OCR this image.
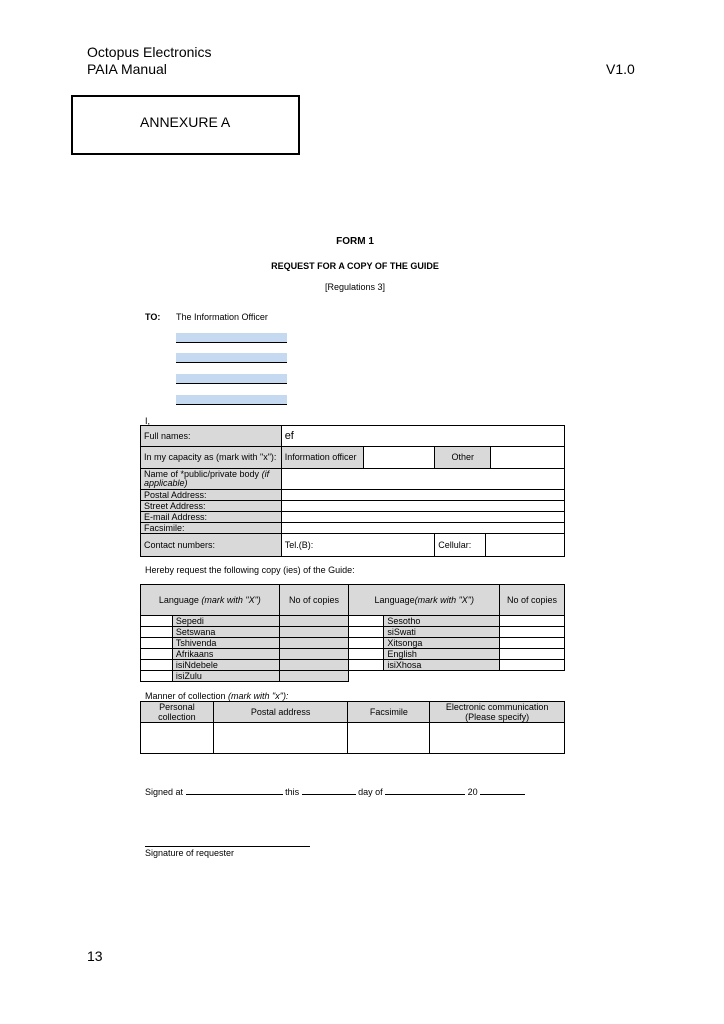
Octopus Electronics
PAIA Manual	V1.0
ANNEXURE A
FORM 1
REQUEST FOR A COPY OF THE GUIDE
[Regulations 3]
TO: The Information Officer
I,
Full names:	ef			
In my capacity as (mark with "x"):	Information officer		Other	
Name of *public/private body (if applicable)				
Postal Address:				
Street Address:				
E-mail Address:				
Facsimile:				
Contact numbers:	Tel.(B):		Cellular:	
Hereby request the following copy (ies) of the Guide:
Language (mark with "X")		No of copies	Language(mark with "X")		No of copies
	Sepedi			Sesotho	
	Setswana			siSwati	
	Tshivenda			Xitsonga	
	Afrikaans			English	
	isiNdebele			isiXhosa	
	isiZulu				
Manner of collection (mark with "x"):
Personal collection	Postal address	Facsimile	Electronic communication (Please specify)

Signed at	this	day of	20
Signature of requester
13
